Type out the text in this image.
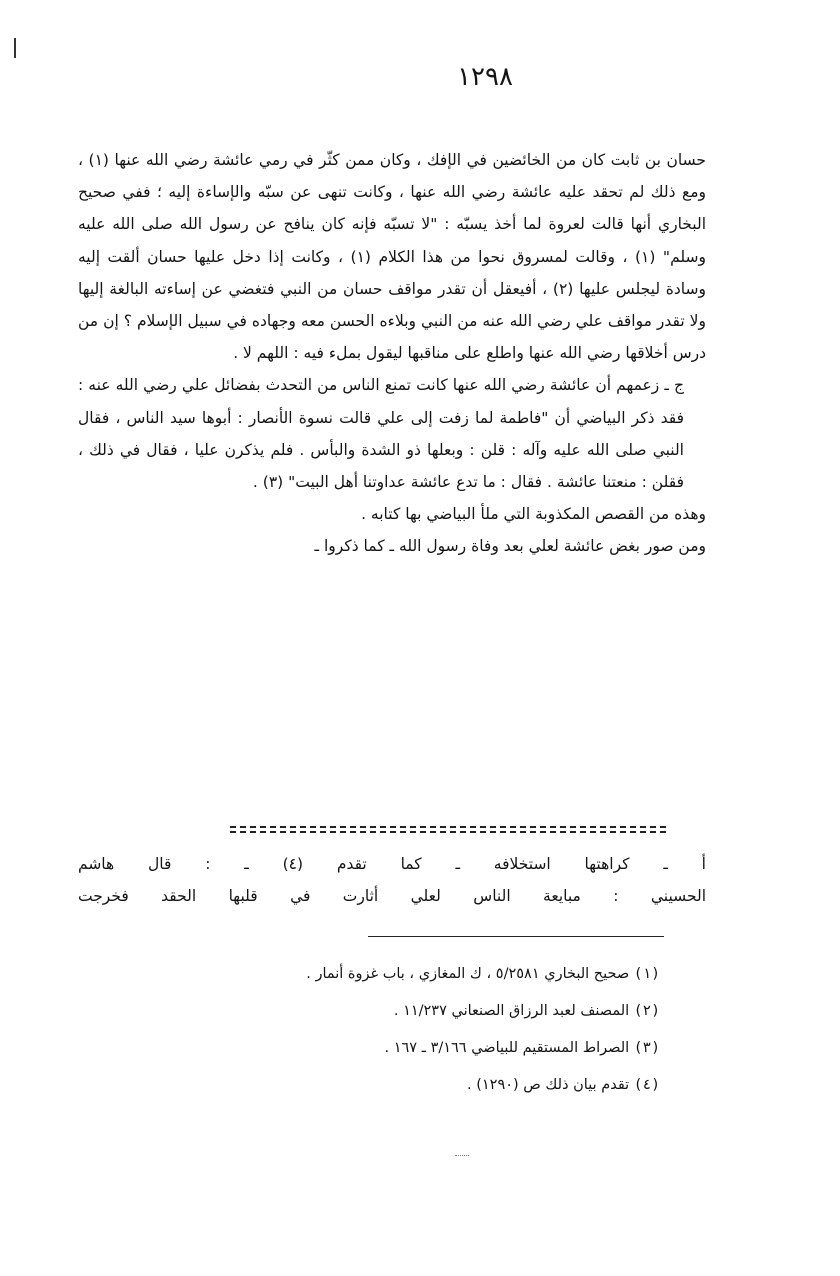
١٢٩٨

حسان بن ثابت كان من الخائضين في الإفك ، وكان ممن كثّر في رمي عائشة رضي الله عنها (١) ، ومع ذلك لم تحقد عليه عائشة رضي الله عنها ، وكانت تنهى عن سبّه والإساءة إليه ؛ ففي صحيح البخاري أنها قالت لعروة لما أخذ يسبّه : "لا تسبّه فإنه كان ينافح عن رسول الله صلى الله عليه وسلم" (١) ، وقالت لمسروق نحوا من هذا الكلام (١) ، وكانت إذا دخل عليها حسان ألقت إليه وسادة ليجلس عليها (٢) ، أفيعقل أن تقدر مواقف حسان من النبي فتغضي عن إساءته البالغة إليها ولا تقدر مواقف علي رضي الله عنه من النبي وبلاءه الحسن معه وجهاده في سبيل الإسلام ؟ إن من درس أخلاقها رضي الله عنها واطلع على مناقبها ليقول بملء فيه : اللهم لا .

ج ـ زعمهم أن عائشة رضي الله عنها كانت تمنع الناس من التحدث بفضائل علي رضي الله عنه : فقد ذكر البياضي أن "فاطمة لما زفت إلى علي قالت نسوة الأنصار : أبوها سيد الناس ، فقال النبي صلى الله عليه وآله : قلن : وبعلها ذو الشدة والبأس . فلم يذكرن عليا ، فقال في ذلك ، فقلن : منعتنا عائشة . فقال : ما تدع عائشة عداوتنا أهل البيت" (٣) .

وهذه من القصص المكذوبة التي ملأ البياضي بها كتابه .

ومن صور بغض عائشة لعلي بعد وفاة رسول الله ـ كما ذكروا ـ

أ ـ كراهتها استخلافه ـ كما تقدم (٤) ـ : قال هاشم

الحسيني : مبايعة الناس لعلي أثارت في قلبها الحقد فخرجت

(١) صحيح البخاري ٥/٢٥٨١ ، ك المغازي ، باب غزوة أنمار .
(٢) المصنف لعبد الرزاق الصنعاني ١١/٢٣٧ .
(٣) الصراط المستقيم للبياضي ٣/١٦٦ ـ ١٦٧ .
(٤) تقدم بيان ذلك ص (١٢٩٠) .
